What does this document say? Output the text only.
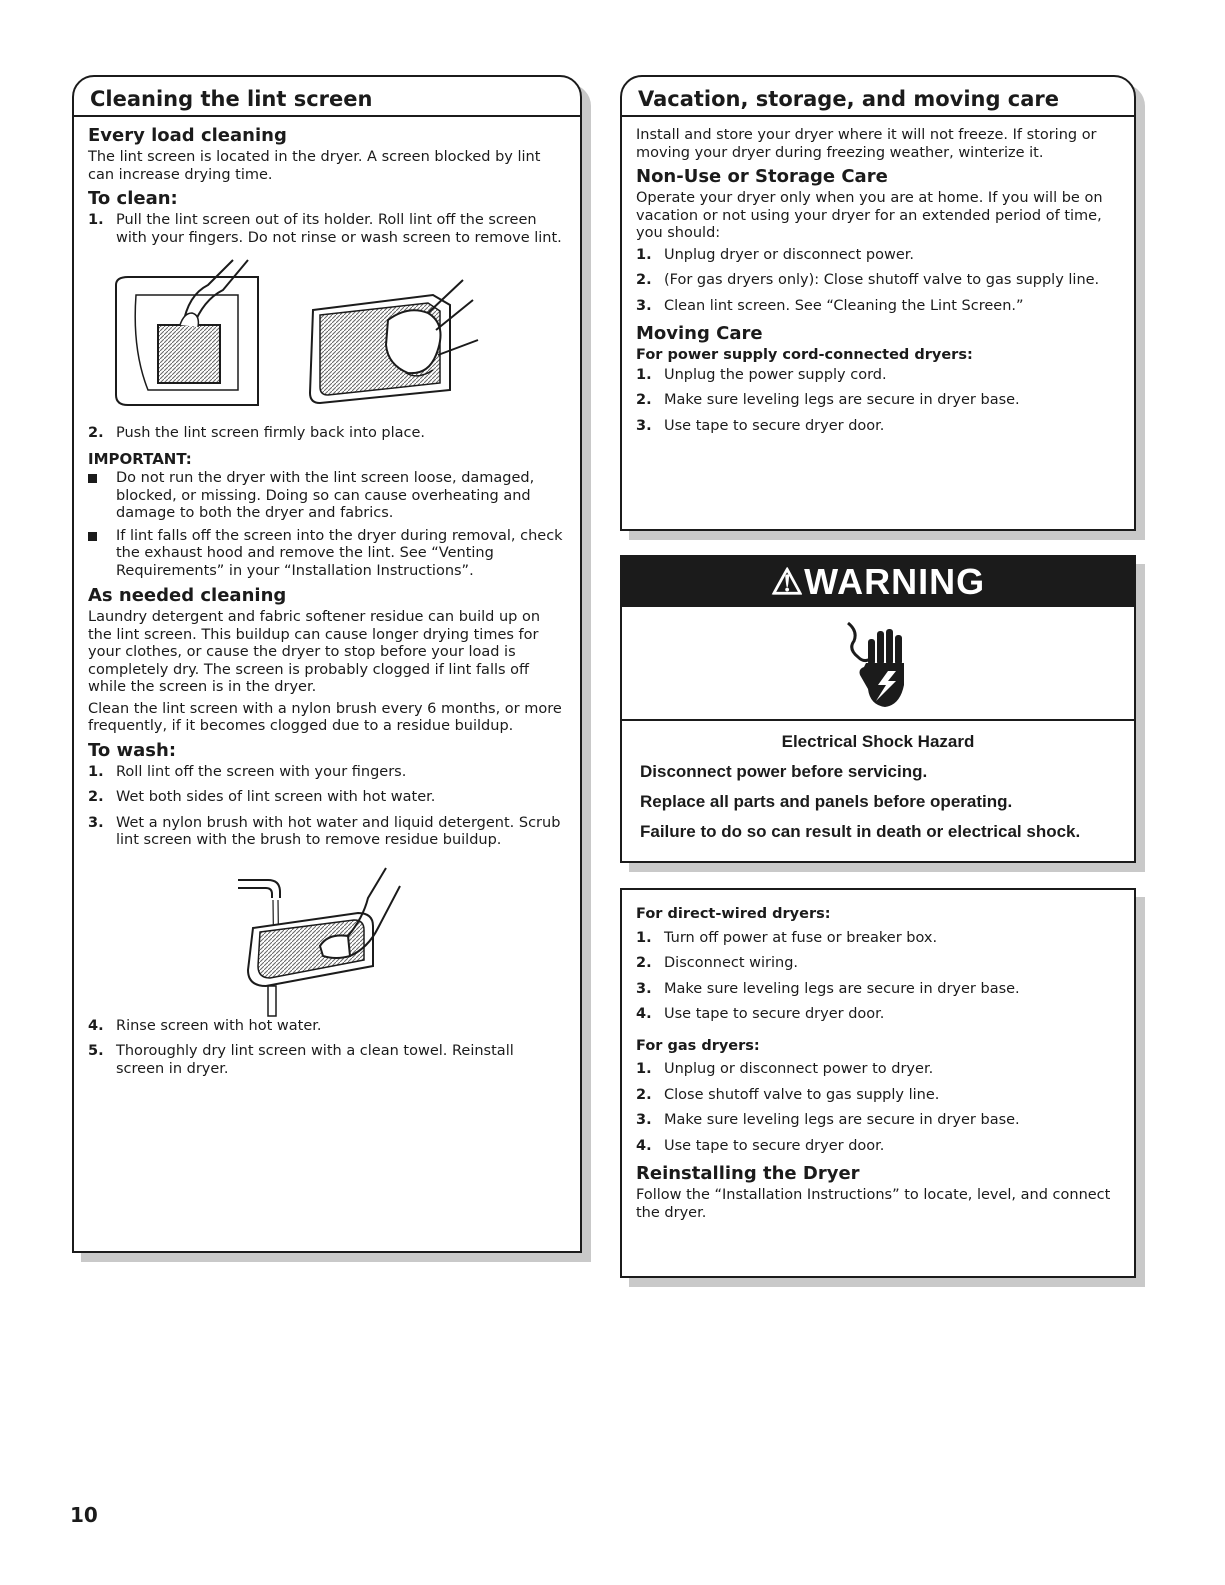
Cleaning the lint screen
Every load cleaning

The lint screen is located in the dryer. A screen blocked by lint can increase drying time.

To clean:
1. Pull the lint screen out of its holder. Roll lint off the screen with your fingers. Do not rinse or wash screen to remove lint.
2. Push the lint screen firmly back into place.
IMPORTANT:
Do not run the dryer with the lint screen loose, damaged, blocked, or missing. Doing so can cause overheating and damage to both the dryer and fabrics.
If lint falls off the screen into the dryer during removal, check the exhaust hood and remove the lint. See “Venting Requirements” in your “Installation Instructions”.
As needed cleaning

Laundry detergent and fabric softener residue can build up on the lint screen. This buildup can cause longer drying times for your clothes, or cause the dryer to stop before your load is completely dry. The screen is probably clogged if lint falls off while the screen is in the dryer.

Clean the lint screen with a nylon brush every 6 months, or more frequently, if it becomes clogged due to a residue buildup.

To wash:
1. Roll lint off the screen with your fingers.
2. Wet both sides of lint screen with hot water.
3. Wet a nylon brush with hot water and liquid detergent. Scrub lint screen with the brush to remove residue buildup.
4. Rinse screen with hot water.
5. Thoroughly dry lint screen with a clean towel. Reinstall screen in dryer.
Vacation, storage, and moving care

Install and store your dryer where it will not freeze. If storing or moving your dryer during freezing weather, winterize it.

Non-Use or Storage Care

Operate your dryer only when you are at home. If you will be on vacation or not using your dryer for an extended period of time, you should:

1. Unplug dryer or disconnect power.
2. (For gas dryers only): Close shutoff valve to gas supply line.
3. Clean lint screen. See “Cleaning the Lint Screen.”
Moving Care
For power supply cord-connected dryers:
1. Unplug the power supply cord.
2. Make sure leveling legs are secure in dryer base.
3. Use tape to secure dryer door.
⚠WARNING
Electrical Shock Hazard
Disconnect power before servicing.
Replace all parts and panels before operating.
Failure to do so can result in death or electrical shock.
For direct-wired dryers:
1. Turn off power at fuse or breaker box.
2. Disconnect wiring.
3. Make sure leveling legs are secure in dryer base.
4. Use tape to secure dryer door.
For gas dryers:
1. Unplug or disconnect power to dryer.
2. Close shutoff valve to gas supply line.
3. Make sure leveling legs are secure in dryer base.
4. Use tape to secure dryer door.
Reinstalling the Dryer

Follow the “Installation Instructions” to locate, level, and connect the dryer.

10
